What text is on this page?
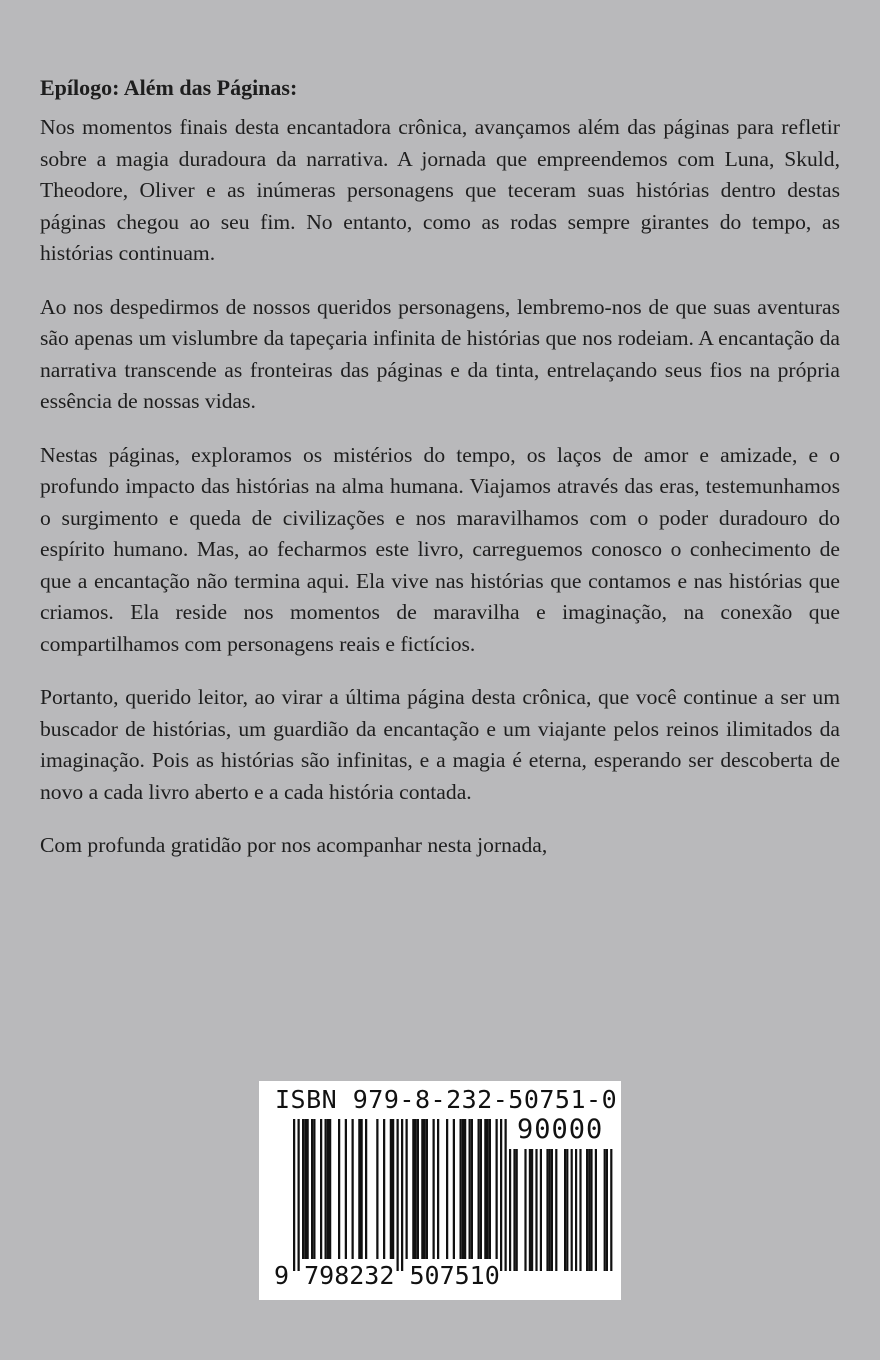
Epílogo: Além das Páginas:

Nos momentos finais desta encantadora crônica, avançamos além das páginas para refletir sobre a magia duradoura da narrativa. A jornada que empreendemos com Luna, Skuld, Theodore, Oliver e as inúmeras personagens que teceram suas histórias dentro destas páginas chegou ao seu fim. No entanto, como as rodas sempre girantes do tempo, as histórias continuam.

Ao nos despedirmos de nossos queridos personagens, lembremo-nos de que suas aventuras são apenas um vislumbre da tapeçaria infinita de histórias que nos rodeiam. A encantação da narrativa transcende as fronteiras das páginas e da tinta, entrelaçando seus fios na própria essência de nossas vidas.

Nestas páginas, exploramos os mistérios do tempo, os laços de amor e amizade, e o profundo impacto das histórias na alma humana. Viajamos através das eras, testemunhamos o surgimento e queda de civilizações e nos maravilhamos com o poder duradouro do espírito humano. Mas, ao fecharmos este livro, carreguemos conosco o conhecimento de que a encantação não termina aqui. Ela vive nas histórias que contamos e nas histórias que criamos. Ela reside nos momentos de maravilha e imaginação, na conexão que compartilhamos com personagens reais e fictícios.

Portanto, querido leitor, ao virar a última página desta crônica, que você continue a ser um buscador de histórias, um guardião da encantação e um viajante pelos reinos ilimitados da imaginação. Pois as histórias são infinitas, e a magia é eterna, esperando ser descoberta de novo a cada livro aberto e a cada história contada.

Com profunda gratidão por nos acompanhar nesta jornada,

ISBN 979-8-232-50751-0
90000
9 798232 507510
